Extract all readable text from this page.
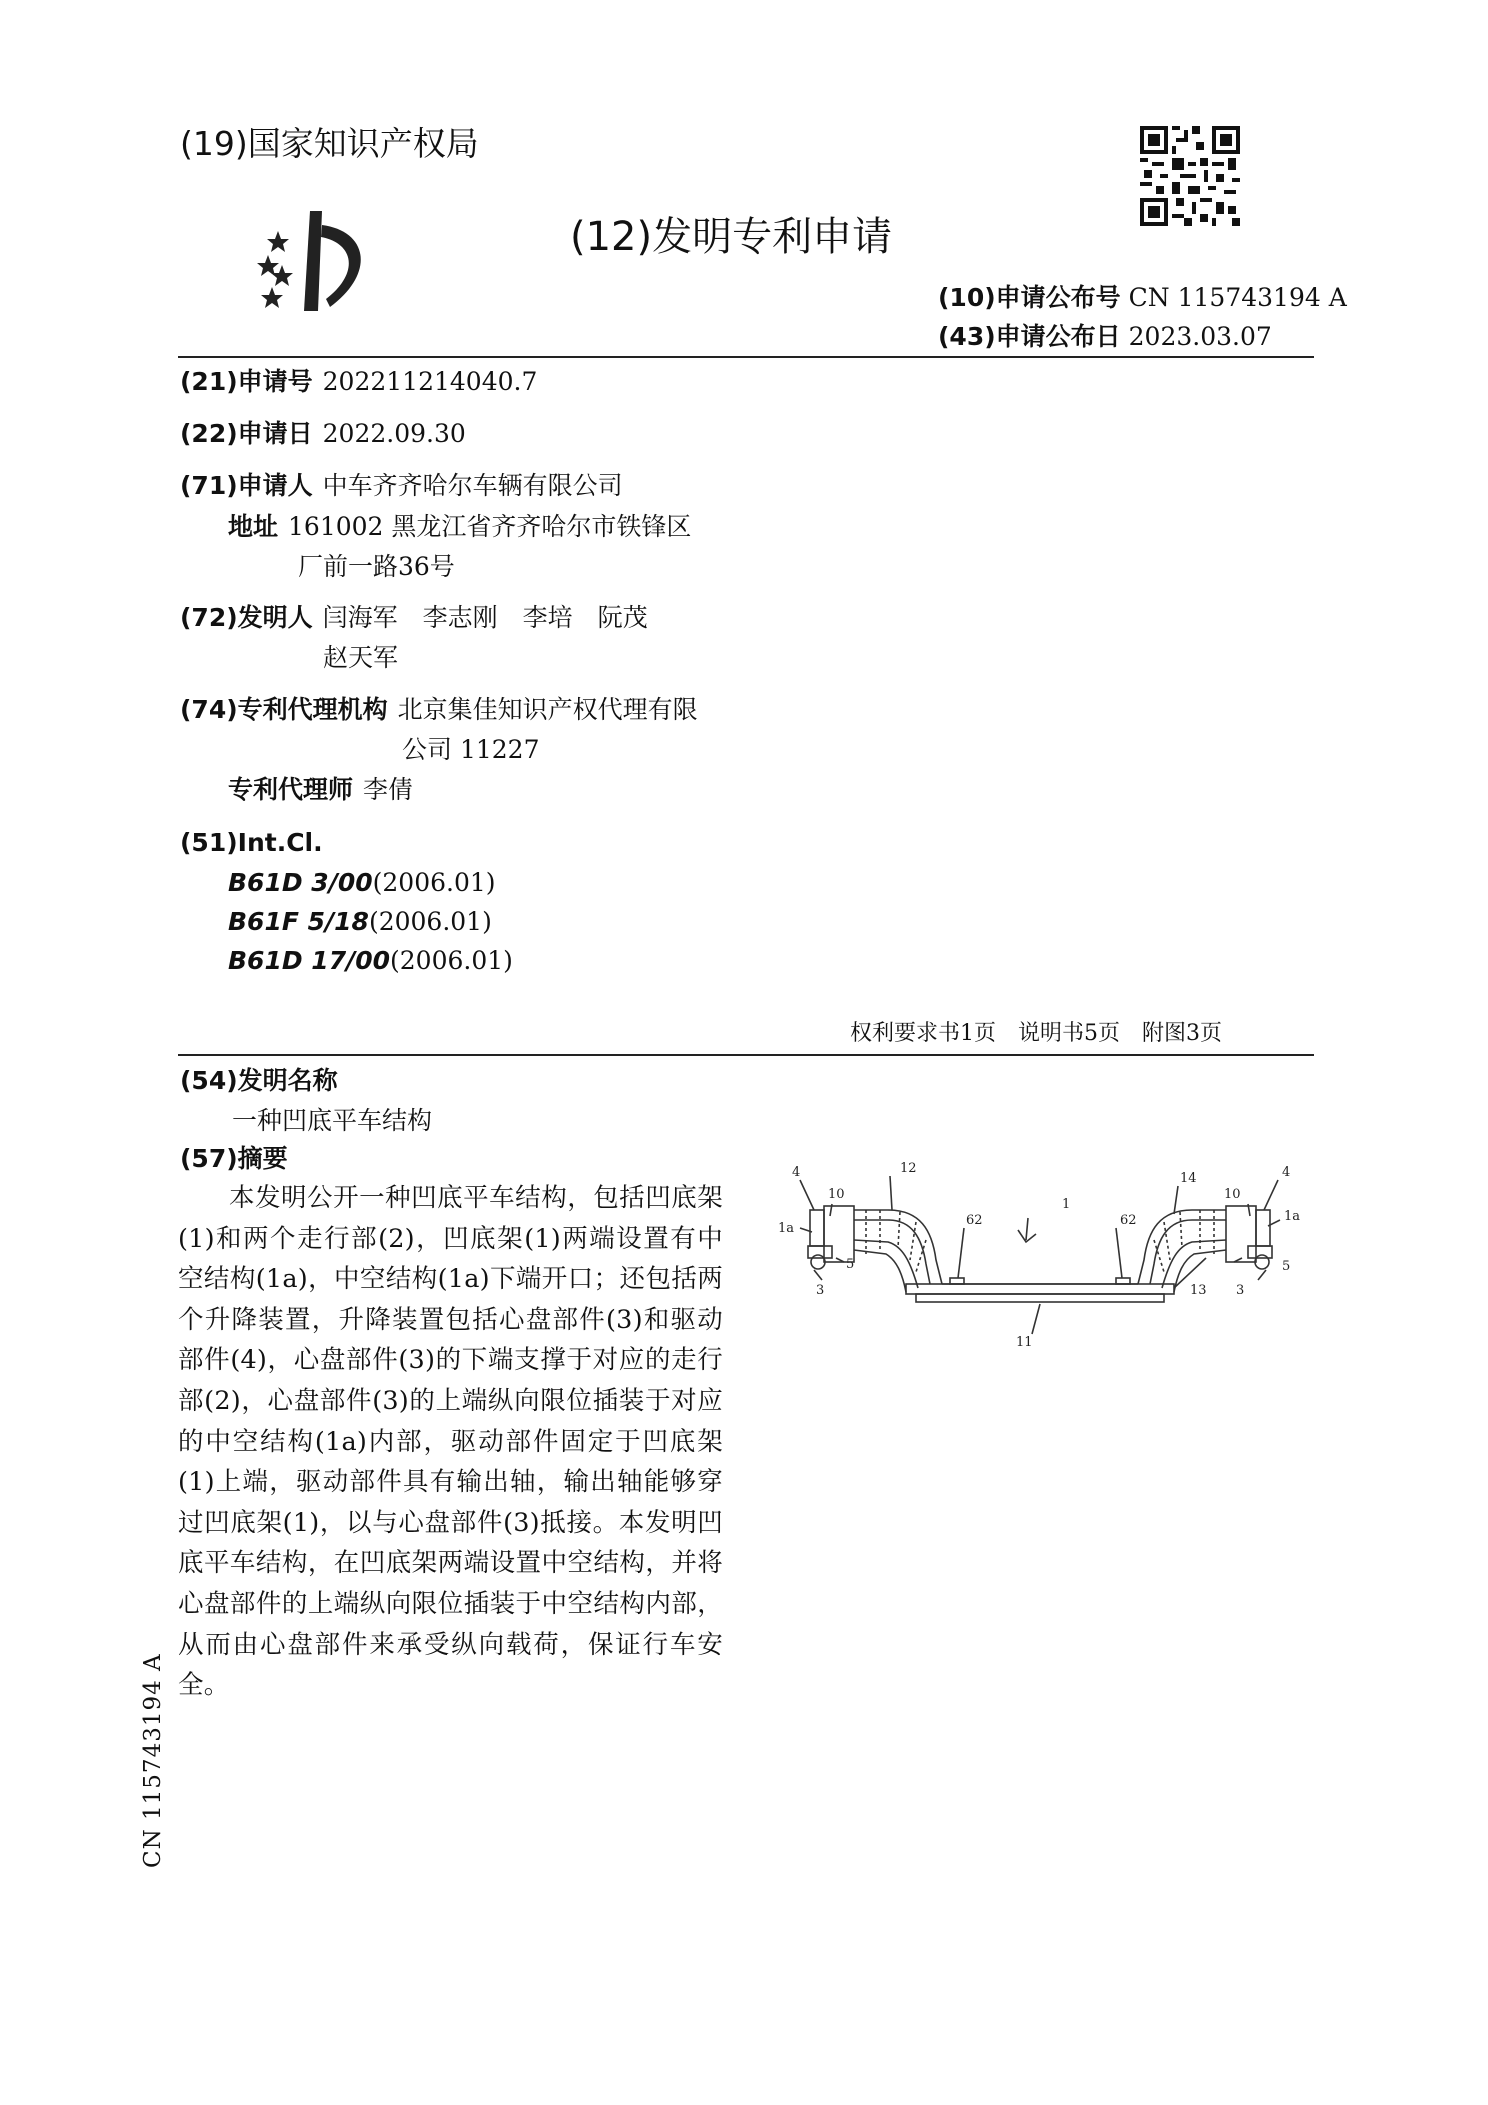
(19)国家知识产权局
(12)发明专利申请
(10)申请公布号 CN 115743194 A
(43)申请公布日 2023.03.07
(21)申请号 202211214040.7
(22)申请日 2022.09.30
(71)申请人 中车齐齐哈尔车辆有限公司
地址 161002 黑龙江省齐齐哈尔市铁锋区
厂前一路36号
(72)发明人 闫海军　李志刚　李培　阮茂
赵天军
(74)专利代理机构 北京集佳知识产权代理有限
公司 11227
专利代理师 李倩
(51)Int.Cl.
B61D 3/00(2006.01)
B61F 5/18(2006.01)
B61D 17/00(2006.01)
权利要求书1页　说明书5页　附图3页
(54)发明名称
一种凹底平车结构
(57)摘要
本发明公开一种凹底平车结构，包括凹底架(1)和两个走行部(2)，凹底架(1)两端设置有中空结构(1a)，中空结构(1a)下端开口；还包括两个升降装置，升降装置包括心盘部件(3)和驱动部件(4)，心盘部件(3)的下端支撑于对应的走行部(2)，心盘部件(3)的上端纵向限位插装于对应的中空结构(1a)内部，驱动部件固定于凹底架(1)上端，驱动部件具有输出轴，输出轴能够穿过凹底架(1)，以与心盘部件(3)抵接。本发明凹底平车结构，在凹底架两端设置中空结构，并将心盘部件的上端纵向限位插装于中空结构内部，从而由心盘部件来承受纵向载荷，保证行车安全。
4
10
1a
5
3
12
62
1
62
14
10
4
1a
5
3
13
11
CN 115743194 A
